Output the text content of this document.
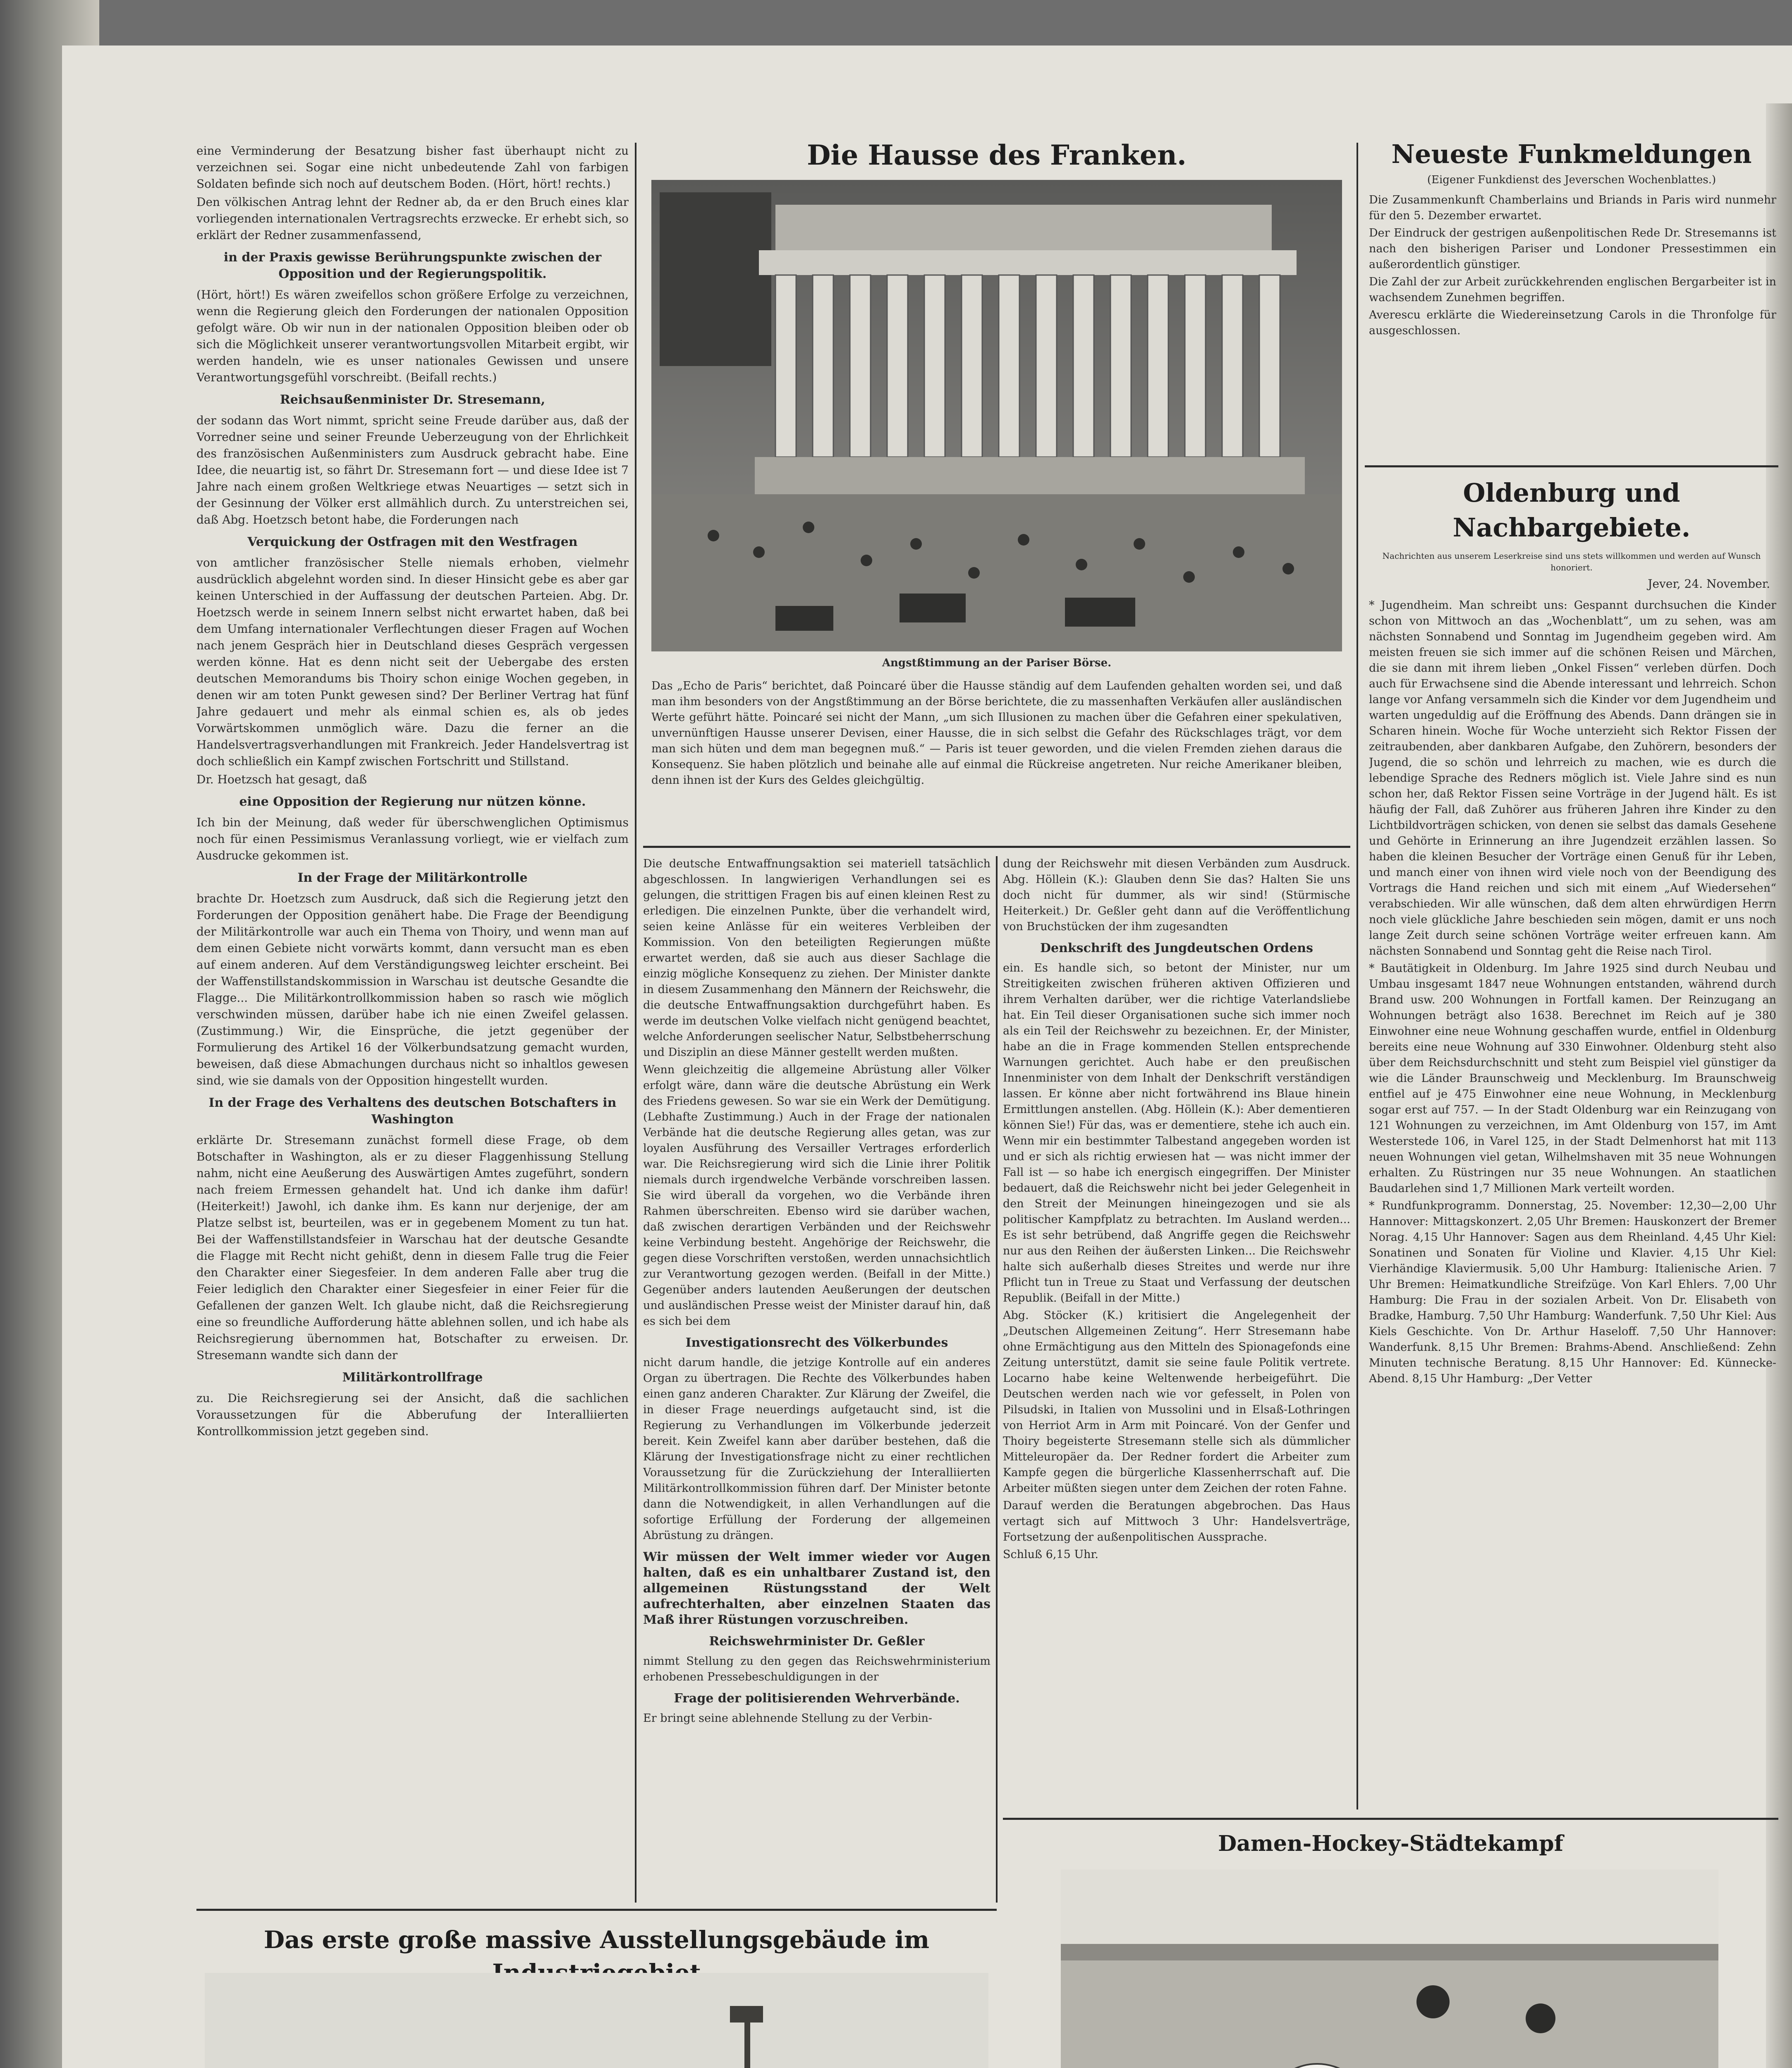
eine Verminderung der Besatzung bisher fast überhaupt nicht zu verzeichnen sei. Sogar eine nicht unbedeutende Zahl von farbigen Soldaten befinde sich noch auf deutschem Boden. (Hört, hört! rechts.)

Den völkischen Antrag lehnt der Redner ab, da er den Bruch eines klar vorliegenden internationalen Vertragsrechts erzwecke. Er erhebt sich, so erklärt der Redner zusammenfassend,

in der Praxis gewisse Berührungspunkte zwischen der Opposition und der Regierungspolitik.

(Hört, hört!) Es wären zweifellos schon größere Erfolge zu verzeichnen, wenn die Regierung gleich den Forderungen der nationalen Opposition gefolgt wäre. Ob wir nun in der nationalen Opposition bleiben oder ob sich die Möglichkeit unserer verantwortungsvollen Mitarbeit ergibt, wir werden handeln, wie es unser nationales Gewissen und unsere Verantwortungsgefühl vorschreibt. (Beifall rechts.)

Reichsaußenminister Dr. Stresemann,

der sodann das Wort nimmt, spricht seine Freude darüber aus, daß der Vorredner seine und seiner Freunde Ueberzeugung von der Ehrlichkeit des französischen Außenministers zum Ausdruck gebracht habe. Eine Idee, die neuartig ist, so fährt Dr. Stresemann fort — und diese Idee ist 7 Jahre nach einem großen Weltkriege etwas Neuartiges — setzt sich in der Gesinnung der Völker erst allmählich durch. Zu unterstreichen sei, daß Abg. Hoetzsch betont habe, die Forderungen nach

Verquickung der Ostfragen mit den Westfragen

von amtlicher französischer Stelle niemals erhoben, vielmehr ausdrücklich abgelehnt worden sind. In dieser Hinsicht gebe es aber gar keinen Unterschied in der Auffassung der deutschen Parteien. Abg. Dr. Hoetzsch werde in seinem Innern selbst nicht erwartet haben, daß bei dem Umfang internationaler Verflechtungen dieser Fragen auf Wochen nach jenem Gespräch hier in Deutschland dieses Gespräch vergessen werden könne. Hat es denn nicht seit der Uebergabe des ersten deutschen Memorandums bis Thoiry schon einige Wochen gegeben, in denen wir am toten Punkt gewesen sind? Der Berliner Vertrag hat fünf Jahre gedauert und mehr als einmal schien es, als ob jedes Vorwärtskommen unmöglich wäre. Dazu die ferner an die Handelsvertragsverhandlungen mit Frankreich. Jeder Handelsvertrag ist doch schließlich ein Kampf zwischen Fortschritt und Stillstand.

Dr. Hoetzsch hat gesagt, daß

eine Opposition der Regierung nur nützen könne.

Ich bin der Meinung, daß weder für überschwenglichen Optimismus noch für einen Pessimismus Veranlassung vorliegt, wie er vielfach zum Ausdrucke gekommen ist.

In der Frage der Militärkontrolle

brachte Dr. Hoetzsch zum Ausdruck, daß sich die Regierung jetzt den Forderungen der Opposition genähert habe. Die Frage der Beendigung der Militärkontrolle war auch ein Thema von Thoiry, und wenn man auf dem einen Gebiete nicht vorwärts kommt, dann versucht man es eben auf einem anderen. Auf dem Verständigungsweg leichter erscheint. Bei der Waffenstillstandskommission in Warschau ist deutsche Gesandte die Flagge... Die Militärkontrollkommission haben so rasch wie möglich verschwinden müssen, darüber habe ich nie einen Zweifel gelassen. (Zustimmung.) Wir, die Einsprüche, die jetzt gegenüber der Formulierung des Artikel 16 der Völkerbundsatzung gemacht wurden, beweisen, daß diese Abmachungen durchaus nicht so inhaltlos gewesen sind, wie sie damals von der Opposition hingestellt wurden.

In der Frage des Verhaltens des deutschen Botschafters in Washington

erklärte Dr. Stresemann zunächst formell diese Frage, ob dem Botschafter in Washington, als er zu dieser Flaggenhissung Stellung nahm, nicht eine Aeußerung des Auswärtigen Amtes zugeführt, sondern nach freiem Ermessen gehandelt hat. Und ich danke ihm dafür! (Heiterkeit!) Jawohl, ich danke ihm. Es kann nur derjenige, der am Platze selbst ist, beurteilen, was er in gegebenem Moment zu tun hat. Bei der Waffenstillstandsfeier in Warschau hat der deutsche Gesandte die Flagge mit Recht nicht gehißt, denn in diesem Falle trug die Feier den Charakter einer Siegesfeier. In dem anderen Falle aber trug die Feier lediglich den Charakter einer Siegesfeier in einer Feier für die Gefallenen der ganzen Welt. Ich glaube nicht, daß die Reichsregierung eine so freundliche Aufforderung hätte ablehnen sollen, und ich habe als Reichsregierung übernommen hat, Botschafter zu erweisen. Dr. Stresemann wandte sich dann der

Militärkontrollfrage

zu. Die Reichsregierung sei der Ansicht, daß die sachlichen Voraussetzungen für die Abberufung der Interalliierten Kontrollkommission jetzt gegeben sind.

Die Hausse des Franken.
Angstßtimmung an der Pariser Börse.
Das „Echo de Paris“ berichtet, daß Poincaré über die Hausse ständig auf dem Laufenden gehalten worden sei, und daß man ihm besonders von der Angstßtimmung an der Börse berichtete, die zu massenhaften Verkäufen aller ausländischen Werte geführt hätte. Poincaré sei nicht der Mann, „um sich Illusionen zu machen über die Gefahren einer spekulativen, unvernünftigen Hausse unserer Devisen, einer Hausse, die in sich selbst die Gefahr des Rückschlages trägt, vor dem man sich hüten und dem man begegnen muß.“ — Paris ist teuer geworden, und die vielen Fremden ziehen daraus die Konsequenz. Sie haben plötzlich und beinahe alle auf einmal die Rückreise angetreten. Nur reiche Amerikaner bleiben, denn ihnen ist der Kurs des Geldes gleichgültig.

Die deutsche Entwaffnungsaktion sei materiell tatsächlich abgeschlossen. In langwierigen Verhandlungen sei es gelungen, die strittigen Fragen bis auf einen kleinen Rest zu erledigen. Die einzelnen Punkte, über die verhandelt wird, seien keine Anlässe für ein weiteres Verbleiben der Kommission. Von den beteiligten Regierungen müßte erwartet werden, daß sie auch aus dieser Sachlage die einzig mögliche Konsequenz zu ziehen. Der Minister dankte in diesem Zusammenhang den Männern der Reichswehr, die die deutsche Entwaffnungsaktion durchgeführt haben. Es werde im deutschen Volke vielfach nicht genügend beachtet, welche Anforderungen seelischer Natur, Selbstbeherrschung und Disziplin an diese Männer gestellt werden mußten.

Wenn gleichzeitig die allgemeine Abrüstung aller Völker erfolgt wäre, dann wäre die deutsche Abrüstung ein Werk des Friedens gewesen. So war sie ein Werk der Demütigung. (Lebhafte Zustimmung.) Auch in der Frage der nationalen Verbände hat die deutsche Regierung alles getan, was zur loyalen Ausführung des Versailler Vertrages erforderlich war. Die Reichsregierung wird sich die Linie ihrer Politik niemals durch irgendwelche Verbände vorschreiben lassen. Sie wird überall da vorgehen, wo die Verbände ihren Rahmen überschreiten. Ebenso wird sie darüber wachen, daß zwischen derartigen Verbänden und der Reichswehr keine Verbindung besteht. Angehörige der Reichswehr, die gegen diese Vorschriften verstoßen, werden unnachsichtlich zur Verantwortung gezogen werden. (Beifall in der Mitte.) Gegenüber anders lautenden Aeußerungen der deutschen und ausländischen Presse weist der Minister darauf hin, daß es sich bei dem

Investigationsrecht des Völkerbundes

nicht darum handle, die jetzige Kontrolle auf ein anderes Organ zu übertragen. Die Rechte des Völkerbundes haben einen ganz anderen Charakter. Zur Klärung der Zweifel, die in dieser Frage neuerdings aufgetaucht sind, ist die Regierung zu Verhandlungen im Völkerbunde jederzeit bereit. Kein Zweifel kann aber darüber bestehen, daß die Klärung der Investigationsfrage nicht zu einer rechtlichen Voraussetzung für die Zurückziehung der Interalliierten Militärkontrollkommission führen darf. Der Minister betonte dann die Notwendigkeit, in allen Verhandlungen auf die sofortige Erfüllung der Forderung der allgemeinen Abrüstung zu drängen.

Wir müssen der Welt immer wieder vor Augen halten, daß es ein unhaltbarer Zustand ist, den allgemeinen Rüstungsstand der Welt aufrechterhalten, aber einzelnen Staaten das Maß ihrer Rüstungen vorzuschreiben.
Reichswehrminister Dr. Geßler

nimmt Stellung zu den gegen das Reichswehrministerium erhobenen Pressebeschuldigungen in der

Frage der politisierenden Wehrverbände.

Er bringt seine ablehnende Stellung zu der Verbin-

dung der Reichswehr mit diesen Verbänden zum Ausdruck. Abg. Höllein (K.): Glauben denn Sie das? Halten Sie uns doch nicht für dummer, als wir sind! (Stürmische Heiterkeit.) Dr. Geßler geht dann auf die Veröffentlichung von Bruchstücken der ihm zugesandten

Denkschrift des Jungdeutschen Ordens

ein. Es handle sich, so betont der Minister, nur um Streitigkeiten zwischen früheren aktiven Offizieren und ihrem Verhalten darüber, wer die richtige Vaterlandsliebe hat. Ein Teil dieser Organisationen suche sich immer noch als ein Teil der Reichswehr zu bezeichnen. Er, der Minister, habe an die in Frage kommenden Stellen entsprechende Warnungen gerichtet. Auch habe er den preußischen Innenminister von dem Inhalt der Denkschrift verständigen lassen. Er könne aber nicht fortwährend ins Blaue hinein Ermittlungen anstellen. (Abg. Höllein (K.): Aber dementieren können Sie!) Für das, was er dementiere, stehe ich auch ein. Wenn mir ein bestimmter Talbestand angegeben worden ist und er sich als richtig erwiesen hat — was nicht immer der Fall ist — so habe ich energisch eingegriffen. Der Minister bedauert, daß die Reichswehr nicht bei jeder Gelegenheit in den Streit der Meinungen hineingezogen und sie als politischer Kampfplatz zu betrachten. Im Ausland werden... Es ist sehr betrübend, daß Angriffe gegen die Reichswehr nur aus den Reihen der äußersten Linken... Die Reichswehr halte sich außerhalb dieses Streites und werde nur ihre Pflicht tun in Treue zu Staat und Verfassung der deutschen Republik. (Beifall in der Mitte.)

Abg. Stöcker (K.) kritisiert die Angelegenheit der „Deutschen Allgemeinen Zeitung“. Herr Stresemann habe ohne Ermächtigung aus den Mitteln des Spionagefonds eine Zeitung unterstützt, damit sie seine faule Politik vertrete. Locarno habe keine Weltenwende herbeigeführt. Die Deutschen werden nach wie vor gefesselt, in Polen von Pilsudski, in Italien von Mussolini und in Elsaß-Lothringen von Herriot Arm in Arm mit Poincaré. Von der Genfer und Thoiry begeisterte Stresemann stelle sich als dümmlicher Mitteleuropäer da. Der Redner fordert die Arbeiter zum Kampfe gegen die bürgerliche Klassenherrschaft auf. Die Arbeiter müßten siegen unter dem Zeichen der roten Fahne.

Darauf werden die Beratungen abgebrochen. Das Haus vertagt sich auf Mittwoch 3 Uhr: Handelsverträge, Fortsetzung der außenpolitischen Aussprache.

Schluß 6,15 Uhr.

Neueste Funkmeldungen
(Eigener Funkdienst des Jeverschen Wochenblattes.)

Die Zusammenkunft Chamberlains und Briands in Paris wird nunmehr für den 5. Dezember erwartet.

Der Eindruck der gestrigen außenpolitischen Rede Dr. Stresemanns ist nach den bisherigen Pariser und Londoner Pressestimmen ein außerordentlich günstiger.

Die Zahl der zur Arbeit zurückkehrenden englischen Bergarbeiter ist in wachsendem Zunehmen begriffen.

Averescu erklärte die Wiedereinsetzung Carols in die Thronfolge für ausgeschlossen.

Oldenburg und Nachbargebiete.
Nachrichten aus unserem Leserkreise sind uns stets willkommen und werden auf Wunsch honoriert.
Jever, 24. November.

* Jugendheim. Man schreibt uns: Gespannt durchsuchen die Kinder schon von Mittwoch an das „Wochenblatt“, um zu sehen, was am nächsten Sonnabend und Sonntag im Jugendheim gegeben wird. Am meisten freuen sie sich immer auf die schönen Reisen und Märchen, die sie dann mit ihrem lieben „Onkel Fissen“ verleben dürfen. Doch auch für Erwachsene sind die Abende interessant und lehrreich. Schon lange vor Anfang versammeln sich die Kinder vor dem Jugendheim und warten ungeduldig auf die Eröffnung des Abends. Dann drängen sie in Scharen hinein. Woche für Woche unterzieht sich Rektor Fissen der zeitraubenden, aber dankbaren Aufgabe, den Zuhörern, besonders der Jugend, die so schön und lehrreich zu machen, wie es durch die lebendige Sprache des Redners möglich ist. Viele Jahre sind es nun schon her, daß Rektor Fissen seine Vorträge in der Jugend hält. Es ist häufig der Fall, daß Zuhörer aus früheren Jahren ihre Kinder zu den Lichtbildvorträgen schicken, von denen sie selbst das damals Gesehene und Gehörte in Erinnerung an ihre Jugendzeit erzählen lassen. So haben die kleinen Besucher der Vorträge einen Genuß für ihr Leben, und manch einer von ihnen wird viele noch von der Beendigung des Vortrags die Hand reichen und sich mit einem „Auf Wiedersehen“ verabschieden. Wir alle wünschen, daß dem alten ehrwürdigen Herrn noch viele glückliche Jahre beschieden sein mögen, damit er uns noch lange Zeit durch seine schönen Vorträge weiter erfreuen kann. Am nächsten Sonnabend und Sonntag geht die Reise nach Tirol.

* Bautätigkeit in Oldenburg. Im Jahre 1925 sind durch Neubau und Umbau insgesamt 1847 neue Wohnungen entstanden, während durch Brand usw. 200 Wohnungen in Fortfall kamen. Der Reinzugang an Wohnungen beträgt also 1638. Berechnet im Reich auf je 380 Einwohner eine neue Wohnung geschaffen wurde, entfiel in Oldenburg bereits eine neue Wohnung auf 330 Einwohner. Oldenburg steht also über dem Reichsdurchschnitt und steht zum Beispiel viel günstiger da wie die Länder Braunschweig und Mecklenburg. Im Braunschweig entfiel auf je 475 Einwohner eine neue Wohnung, in Mecklenburg sogar erst auf 757. — In der Stadt Oldenburg war ein Reinzugang von 121 Wohnungen zu verzeichnen, im Amt Oldenburg von 157, im Amt Westerstede 106, in Varel 125, in der Stadt Delmenhorst hat mit 113 neuen Wohnungen viel getan, Wilhelmshaven mit 35 neue Wohnungen erhalten. Zu Rüstringen nur 35 neue Wohnungen. An staatlichen Baudarlehen sind 1,7 Millionen Mark verteilt worden.

* Rundfunkprogramm. Donnerstag, 25. November: 12,30—2,00 Uhr Hannover: Mittagskonzert. 2,05 Uhr Bremen: Hauskonzert der Bremer Norag. 4,15 Uhr Hannover: Sagen aus dem Rheinland. 4,45 Uhr Kiel: Sonatinen und Sonaten für Violine und Klavier. 4,15 Uhr Kiel: Vierhändige Klaviermusik. 5,00 Uhr Hamburg: Italienische Arien. 7 Uhr Bremen: Heimatkundliche Streifzüge. Von Karl Ehlers. 7,00 Uhr Hamburg: Die Frau in der sozialen Arbeit. Von Dr. Elisabeth von Bradke, Hamburg. 7,50 Uhr Hamburg: Wanderfunk. 7,50 Uhr Kiel: Aus Kiels Geschichte. Von Dr. Arthur Haseloff. 7,50 Uhr Hannover: Wanderfunk. 8,15 Uhr Bremen: Brahms-Abend. Anschließend: Zehn Minuten technische Beratung. 8,15 Uhr Hannover: Ed. Künnecke-Abend. 8,15 Uhr Hamburg: „Der Vetter

Das erste große massive Ausstellungsgebäude im
Damen-Hockey-Städtekampf
